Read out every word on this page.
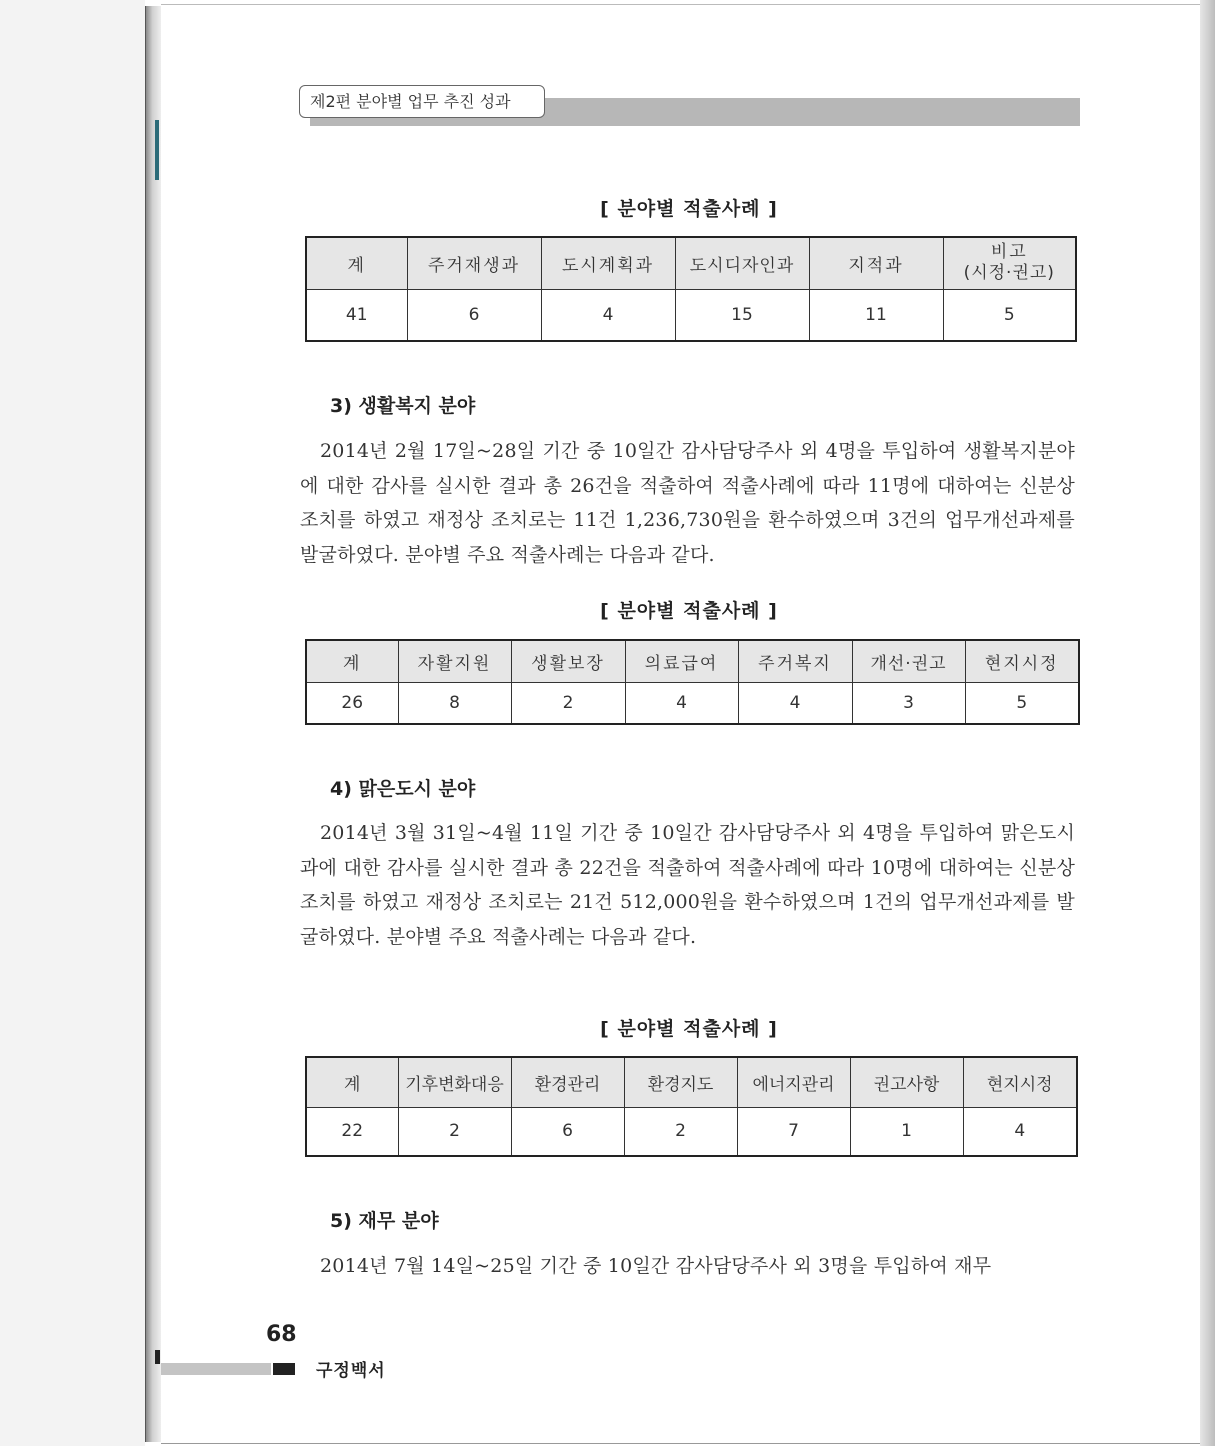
제2편 분야별 업무 추진 성과
[ 분야별 적출사례 ]
계	주거재생과	도시계획과	도시디자인과	지적과	비고
(시정·권고)

41	6	4	15	11	5
3) 생활복지 분야
2014년 2월 17일~28일 기간 중 10일간 감사담당주사 외 4명을 투입하여 생활복지분야에 대한 감사를 실시한 결과 총 26건을 적출하여 적출사례에 따라 11명에 대하여는 신분상 조치를 하였고 재정상 조치로는 11건 1,236,730원을 환수하였으며 3건의 업무개선과제를 발굴하였다. 분야별 주요 적출사례는 다음과 같다.
[ 분야별 적출사례 ]
계	자활지원	생활보장	의료급여	주거복지	개선·권고	현지시정
26	8	2	4	4	3	5
4) 맑은도시 분야
2014년 3월 31일~4월 11일 기간 중 10일간 감사담당주사 외 4명을 투입하여 맑은도시과에 대한 감사를 실시한 결과 총 22건을 적출하여 적출사례에 따라 10명에 대하여는 신분상 조치를 하였고 재정상 조치로는 21건 512,000원을 환수하였으며 1건의 업무개선과제를 발굴하였다. 분야별 주요 적출사례는 다음과 같다.
[ 분야별 적출사례 ]
계	기후변화대응	환경관리	환경지도	에너지관리	권고사항	현지시정
22	2	6	2	7	1	4
5) 재무 분야
2014년 7월 14일~25일 기간 중 10일간 감사담당주사 외 3명을 투입하여 재무
68
구정백서
